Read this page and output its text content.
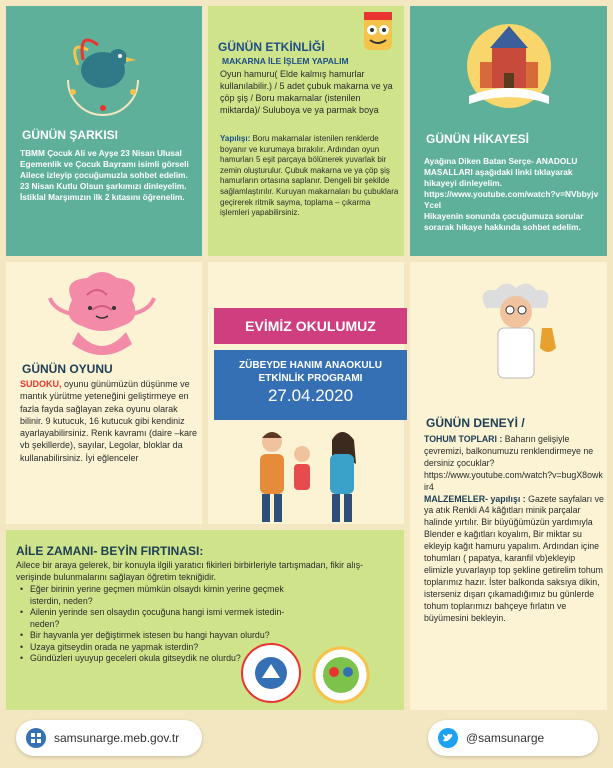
GÜNÜN ŞARKISI
TBMM Çocuk Ali ve Ayşe 23 Nisan Ulusal Egemenlik ve Çocuk Bayramı isimli görseli Ailece izleyip çocuğumuzla sohbet edelim. 23 Nisan Kutlu Olsun şarkımızı dinleyelim. İstiklal Marşımızın ilk 2 kıtasını öğrenelim.
GÜNÜN ETKİNLİĞİ
MAKARNA İLE İŞLEM YAPALIM
Oyun hamuru( Elde kalmış hamurlar kullanılabilir.) / 5 adet çubuk makarna ve ya çöp şiş / Boru makarnalar (istenilen miktarda)/ Suluboya ve ya parmak boya
Yapılışı: Boru makarnalar istenilen renklerde boyanır ve kurumaya bırakılır. Ardından oyun hamurları 5 eşit parçaya bölünerek yuvarlak bir zemin oluşturulur. Çubuk makarna ve ya çöp şiş hamurların ortasına saplanır. Dengeli bir şekilde sağlamlaştırılır. Kuruyan makarnaları bu çubuklara geçirerek ritmik sayma, toplama – çıkarma işlemleri yapabilirsiniz.
GÜNÜN HİKAYESİ
Ayağına Diken Batan Serçe- ANADOLU MASALLARI aşağıdaki linki tıklayarak hikayeyi dinleyelim.
https://www.youtube.com/watch?v=NVbbyjvYceI
Hikayenin sonunda çocuğumuza sorular sorarak hikaye hakkında sohbet edelim.
GÜNÜN OYUNU
SUDOKU, oyunu günümüzün düşünme ve mantık yürütme yeteneğini geliştirmeye en fazla fayda sağlayan zeka oyunu olarak bilinir. 9 kutucuk, 16 kutucuk gibi kendiniz ayarlayabilirsiniz. Renk kavramı (daire –kare vb şekillerde), sayılar, Legolar, bloklar da kullanabilirsiniz. İyi eğlenceler
EVİMİZ OKULUMUZ
ZÜBEYDE HANIM ANAOKULU
ETKİNLİK PROGRAMI
27.04.2020
GÜNÜN DENEYİ /
TOHUM TOPLARI : Baharın gelişiyle çevremizi, balkonumuzu renklendirmeye ne dersiniz çocuklar?
https://www.youtube.com/watch?v=bugX8owkir4
MALZEMELER- yapılışı : Gazete sayfaları ve ya atık Renkli A4 kâğıtları minik parçalar halinde yırtılır. Bir büyüğümüzün yardımıyla Blender e kağıtları koyalım, Bir miktar su ekleyip kağıt hamuru yapalım. Ardından içine tohumları ( papatya, karanfil vb)ekleyip elimizle yuvarlayıp top şekline getirelim tohum toplarımız hazır. İster balkonda saksıya dikin, isterseniz dışarı çıkamadığımız bu günlerde tohum toplarımızı bahçeye fırlatın ve büyümesini bekleyin.
AİLE ZAMANI- BEYİN FIRTINASI:
Ailece bir araya gelerek, bir konuyla ilgili yaratıcı fikirleri birbirleriyle tartışmadan, fikir alış-verişinde bulunmalarını sağlayan öğretim tekniğidir.
• Eğer birinin yerine geçmen mümkün olsaydı kimin yerine geçmek isterdin, neden?
• Ailenin yerinde sen olsaydın çocuğuna hangi ismi vermek istedin- neden?
• Bir hayvanla yer değiştirmek istesen bu hangi hayvan olurdu?
• Uzaya gitseydin orada ne yapmak isterdin?
• Gündüzleri uyuyup geceleri okula gitseydik ne olurdu?
samsunarge.meb.gov.tr	@samsunarge
